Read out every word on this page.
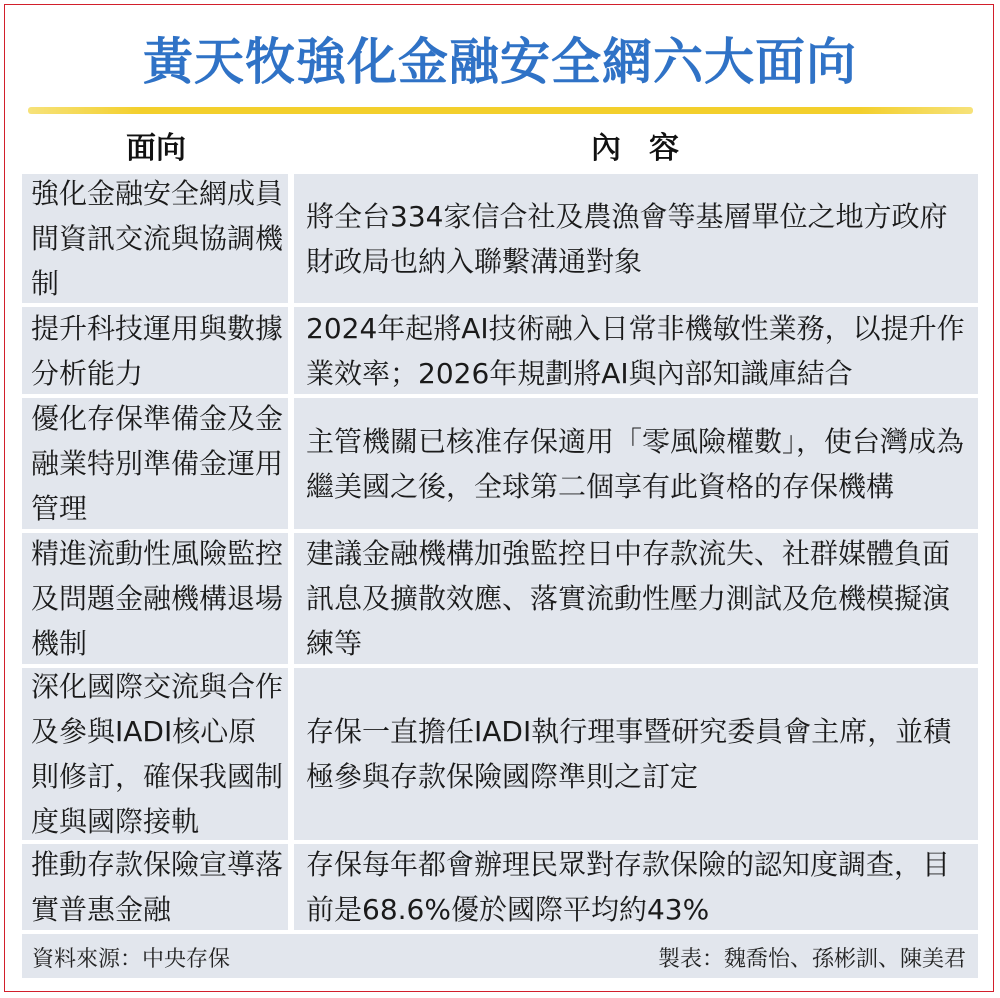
黃天牧強化金融安全網六大面向
面向	內容
強化金融安全網成員間資訊交流與協調機制
將全台334家信合社及農漁會等基層單位之地方政府財政局也納入聯繫溝通對象
提升科技運用與數據分析能力
2024年起將AI技術融入日常非機敏性業務，以提升作業效率；2026年規劃將AI與內部知識庫結合
優化存保準備金及金融業特別準備金運用管理
主管機關已核准存保適用「零風險權數」，使台灣成為繼美國之後，全球第二個享有此資格的存保機構
精進流動性風險監控及問題金融機構退場機制
建議金融機構加強監控日中存款流失、社群媒體負面訊息及擴散效應、落實流動性壓力測試及危機模擬演練等
深化國際交流與合作及參與IADI核心原則修訂，確保我國制度與國際接軌
存保一直擔任IADI執行理事暨研究委員會主席，並積極參與存款保險國際準則之訂定
推動存款保險宣導落實普惠金融
存保每年都會辦理民眾對存款保險的認知度調查，目前是68.6%優於國際平均約43%
資料來源：中央存保	製表：魏喬怡、孫彬訓、陳美君
